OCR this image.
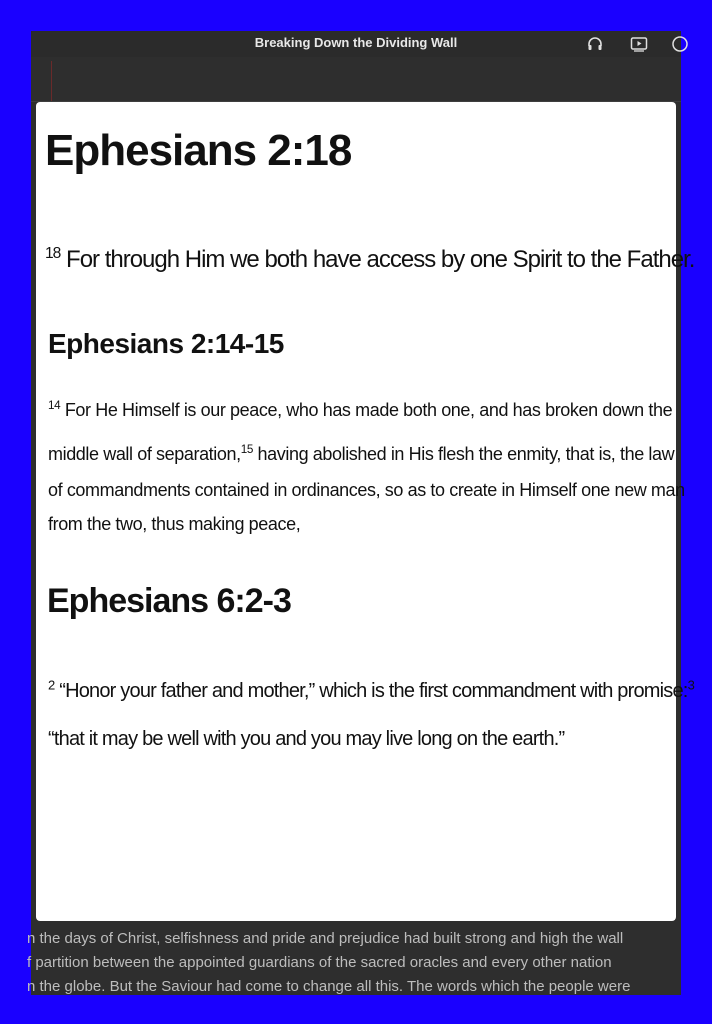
Breaking Down the Dividing Wall
n the days of Christ, selfishness and pride and prejudice had built strong and high the wall
f partition between the appointed guardians of the sacred oracles and every other nation
n the globe. But the Saviour had come to change all this. The words which the people were
Ephesians 2:18
$^{18}$ For through Him we both have access by one Spirit to the Father.
Ephesians 2:14-15
$^{14}$ For He Himself is our peace, who has made both one, and has broken down the
middle wall of separation,$^{15}$ having abolished in His flesh the enmity, that is, the law
of commandments contained in ordinances, so as to create in Himself one new man
from the two, thus making peace,
Ephesians 6:2-3
$^2$ “Honor your father and mother,” which is the first commandment with promise:$^3$
“that it may be well with you and you may live long on the earth.”
